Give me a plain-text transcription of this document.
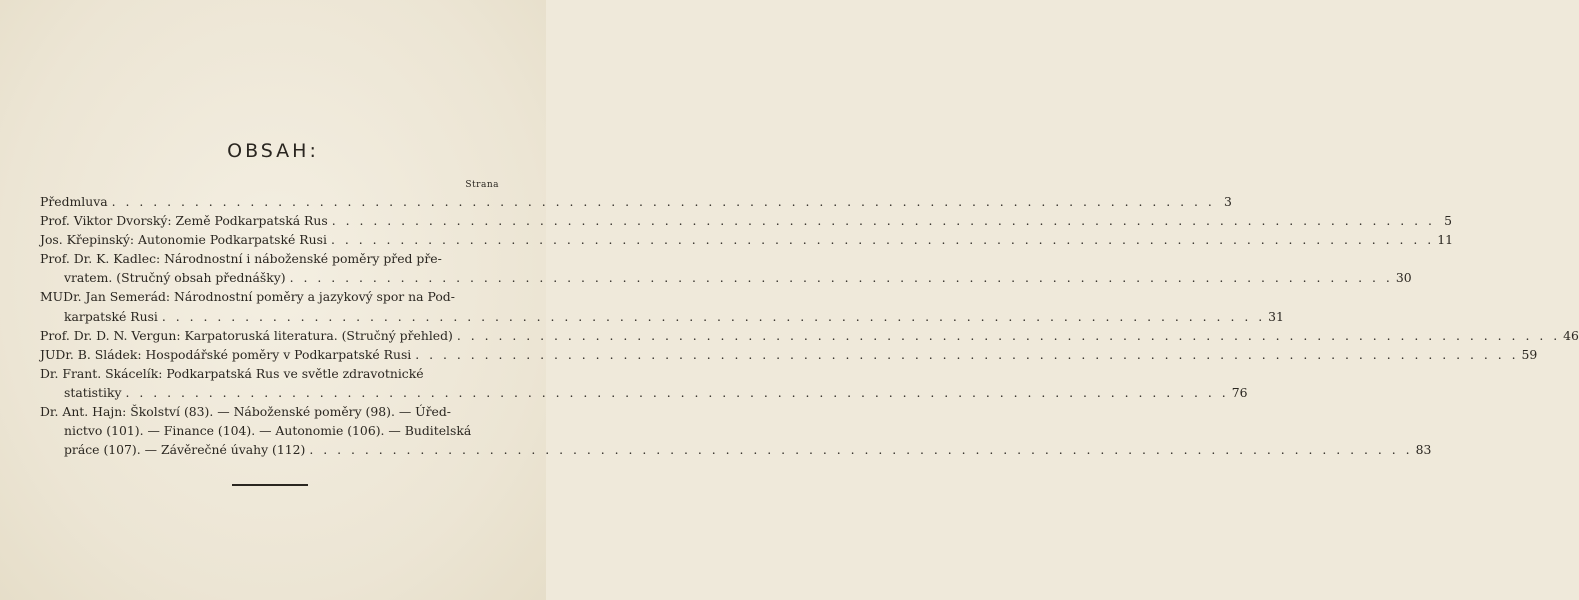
OBSAH:
Strana
Předmluva . . . . . . . . . . . . . . . . . . . . . . . . . . . . . . . . . . . . . . . . . . . . . . . . . . . . . . . . . . . . . . . . . . . . . . . . . . . . . . . . 3
Prof. Viktor Dvorský: Země Podkarpatská Rus . . . . . . . . . . . . . . . . . . . . . . . . . . . . . . . . . . . . . . . . . . . . . . . . . . . . . . . . . . . . . . . . . . . . . . . . . . . . . . . . 5
Jos. Křepinský: Autonomie Podkarpatské Rusi . . . . . . . . . . . . . . . . . . . . . . . . . . . . . . . . . . . . . . . . . . . . . . . . . . . . . . . . . . . . . . . . . . . . . . . . . . . . . . . . 11
Prof. Dr. K. Kadlec: Národnostní i náboženské poměry před pře-
vratem. (Stručný obsah přednášky) . . . . . . . . . . . . . . . . . . . . . . . . . . . . . . . . . . . . . . . . . . . . . . . . . . . . . . . . . . . . . . . . . . . . . . . . . . . . . . . . 30
MUDr. Jan Semerád: Národnostní poměry a jazykový spor na Pod-
karpatské Rusi . . . . . . . . . . . . . . . . . . . . . . . . . . . . . . . . . . . . . . . . . . . . . . . . . . . . . . . . . . . . . . . . . . . . . . . . . . . . . . . . 31
Prof. Dr. D. N. Vergun: Karpatoruská literatura. (Stručný přehled) . . . . . . . . . . . . . . . . . . . . . . . . . . . . . . . . . . . . . . . . . . . . . . . . . . . . . . . . . . . . . . . . . . . . . . . . . . . . . . . . 46
JUDr. B. Sládek: Hospodářské poměry v Podkarpatské Rusi . . . . . . . . . . . . . . . . . . . . . . . . . . . . . . . . . . . . . . . . . . . . . . . . . . . . . . . . . . . . . . . . . . . . . . . . . . . . . . . . 59
Dr. Frant. Skácelík: Podkarpatská Rus ve světle zdravotnické
statistiky . . . . . . . . . . . . . . . . . . . . . . . . . . . . . . . . . . . . . . . . . . . . . . . . . . . . . . . . . . . . . . . . . . . . . . . . . . . . . . . . 76
Dr. Ant. Hajn: Školství (83). — Náboženské poměry (98). — Úřed-
nictvo (101). — Finance (104). — Autonomie (106). — Buditelská
práce (107). — Závěrečné úvahy (112) . . . . . . . . . . . . . . . . . . . . . . . . . . . . . . . . . . . . . . . . . . . . . . . . . . . . . . . . . . . . . . . . . . . . . . . . . . . . . . . . 83
